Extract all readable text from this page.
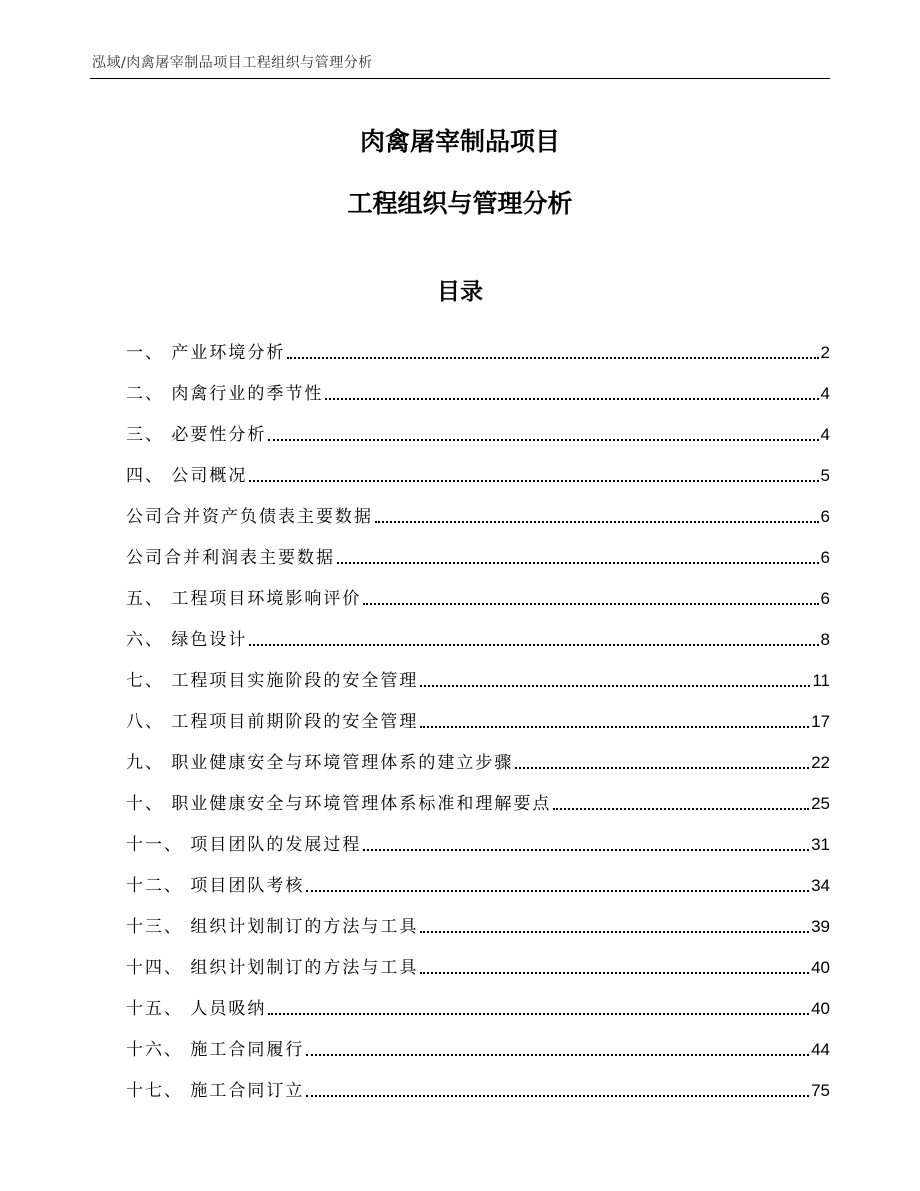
泓域/肉禽屠宰制品项目工程组织与管理分析
肉禽屠宰制品项目
工程组织与管理分析
目录
一、 产业环境分析	2
二、 肉禽行业的季节性	4
三、 必要性分析	4
四、 公司概况	5
公司合并资产负债表主要数据	6
公司合并利润表主要数据	6
五、 工程项目环境影响评价	6
六、 绿色设计	8
七、 工程项目实施阶段的安全管理	11
八、 工程项目前期阶段的安全管理	17
九、 职业健康安全与环境管理体系的建立步骤	22
十、 职业健康安全与环境管理体系标准和理解要点	25
十一、 项目团队的发展过程	31
十二、 项目团队考核	34
十三、 组织计划制订的方法与工具	39
十四、 组织计划制订的方法与工具	40
十五、 人员吸纳	40
十六、 施工合同履行	44
十七、 施工合同订立	75
